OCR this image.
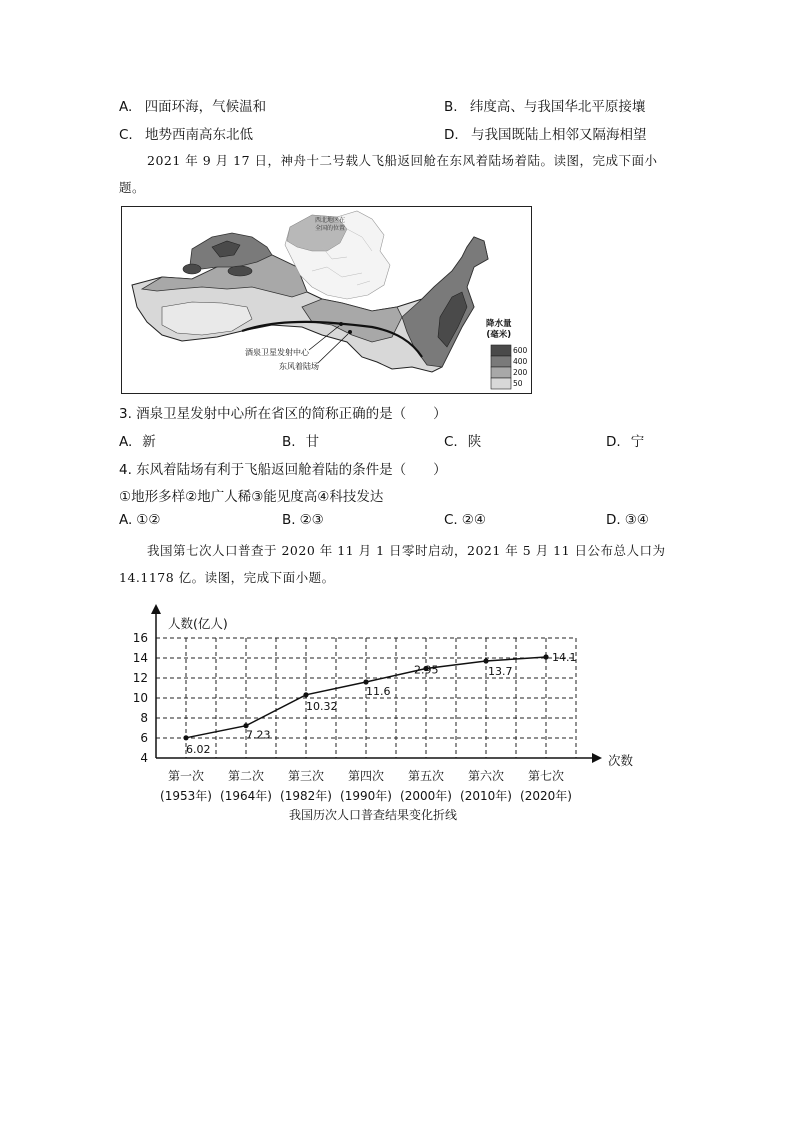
A. 四面环海，气候温和	B. 纬度高、与我国华北平原接壤
C. 地势西南高东北低	D. 与我国既陆上相邻又隔海相望
2021 年 9 月 17 日，神舟十二号载人飞船返回舱在东风着陆场着陆。读图，完成下面小
题。
西北地区在
全国的位置
酒泉卫星发射中心
东风着陆场
降水量
(毫米)
600
400
200
50
3. 酒泉卫星发射中心所在省区的简称正确的是（　　）
A. 新	B. 甘	C. 陕	D. 宁
4. 东风着陆场有利于飞船返回舱着陆的条件是（　　）
①地形多样②地广人稀③能见度高④科技发达
A. ①②	B. ②③	C. ②④	D. ③④
我国第七次人口普查于 2020 年 11 月 1 日零时启动，2021 年 5 月 11 日公布总人口为
14.1178 亿。读图，完成下面小题。
4
6
8
10
12
14
16
人数(亿人)
次数
第一次
(1953年)
第二次
(1964年)
第三次
(1982年)
第四次
(1990年)
第五次
(2000年)
第六次
(2010年)
第七次
(2020年)
6.02
7.23
10.32
11.6
2.95	13.7
14.1
我国历次人口普查结果变化折线
